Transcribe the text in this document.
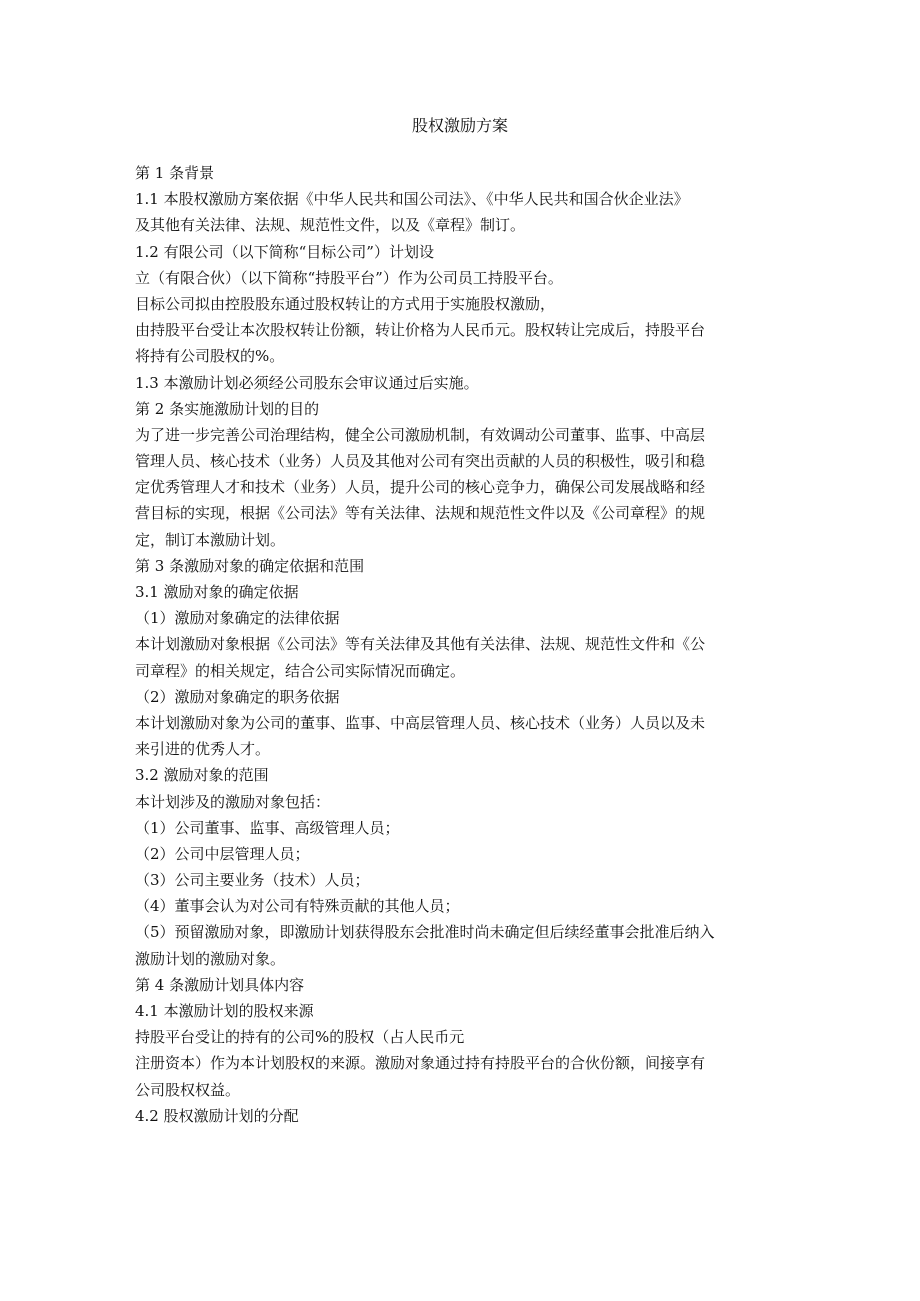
股权激励方案
第 1 条背景
1.1 本股权激励方案依据《中华人民共和国公司法》、《中华人民共和国合伙企业法》
及其他有关法律、法规、规范性文件，以及《章程》制订。
1.2 有限公司（以下简称“目标公司”）计划设
立（有限合伙）（以下简称“持股平台”）作为公司员工持股平台。
目标公司拟由控股股东通过股权转让的方式用于实施股权激励，
由持股平台受让本次股权转让份额，转让价格为人民币元。股权转让完成后，持股平台
将持有公司股权的%。
1.3 本激励计划必须经公司股东会审议通过后实施。
第 2 条实施激励计划的目的
为了进一步完善公司治理结构，健全公司激励机制，有效调动公司董事、监事、中高层
管理人员、核心技术（业务）人员及其他对公司有突出贡献的人员的积极性，吸引和稳
定优秀管理人才和技术（业务）人员，提升公司的核心竞争力，确保公司发展战略和经
营目标的实现，根据《公司法》等有关法律、法规和规范性文件以及《公司章程》的规
定，制订本激励计划。
第 3 条激励对象的确定依据和范围
3.1 激励对象的确定依据
（1）激励对象确定的法律依据
本计划激励对象根据《公司法》等有关法律及其他有关法律、法规、规范性文件和《公
司章程》的相关规定，结合公司实际情况而确定。
（2）激励对象确定的职务依据
本计划激励对象为公司的董事、监事、中高层管理人员、核心技术（业务）人员以及未
来引进的优秀人才。
3.2 激励对象的范围
本计划涉及的激励对象包括：
（1）公司董事、监事、高级管理人员；
（2）公司中层管理人员；
（3）公司主要业务（技术）人员；
（4）董事会认为对公司有特殊贡献的其他人员；
（5）预留激励对象，即激励计划获得股东会批准时尚未确定但后续经董事会批准后纳入
激励计划的激励对象。
第 4 条激励计划具体内容
4.1 本激励计划的股权来源
持股平台受让的持有的公司%的股权（占人民币元
注册资本）作为本计划股权的来源。激励对象通过持有持股平台的合伙份额，间接享有
公司股权权益。
4.2 股权激励计划的分配
